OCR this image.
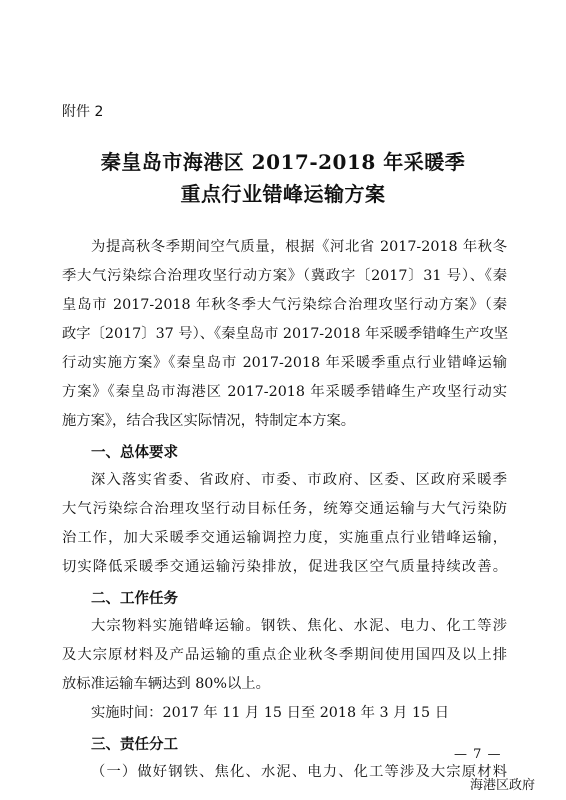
附件 2
秦皇岛市海港区 2017-2018 年采暖季
重点行业错峰运输方案
为提高秋冬季期间空气质量，根据《河北省 2017-2018 年秋冬
季大气污染综合治理攻坚行动方案》（冀政字〔2017〕31 号）、《秦
皇岛市 2017-2018 年秋冬季大气污染综合治理攻坚行动方案》（秦
政字〔2017〕37 号）、《秦皇岛市 2017-2018 年采暖季错峰生产攻坚
行动实施方案》《秦皇岛市 2017-2018 年采暖季重点行业错峰运输
方案》《秦皇岛市海港区 2017-2018 年采暖季错峰生产攻坚行动实
施方案》，结合我区实际情况，特制定本方案。
一、总体要求
深入落实省委、省政府、市委、市政府、区委、区政府采暖季
大气污染综合治理攻坚行动目标任务，统筹交通运输与大气污染防
治工作，加大采暖季交通运输调控力度，实施重点行业错峰运输，
切实降低采暖季交通运输污染排放，促进我区空气质量持续改善。
二、工作任务
大宗物料实施错峰运输。钢铁、焦化、水泥、电力、化工等涉
及大宗原材料及产品运输的重点企业秋冬季期间使用国四及以上排
放标准运输车辆达到 80%以上。
实施时间：2017 年 11 月 15 日至 2018 年 3 月 15 日
三、责任分工
— 7 —
海港区政府
（一）做好钢铁、焦化、水泥、电力、化工等涉及大宗原材料
